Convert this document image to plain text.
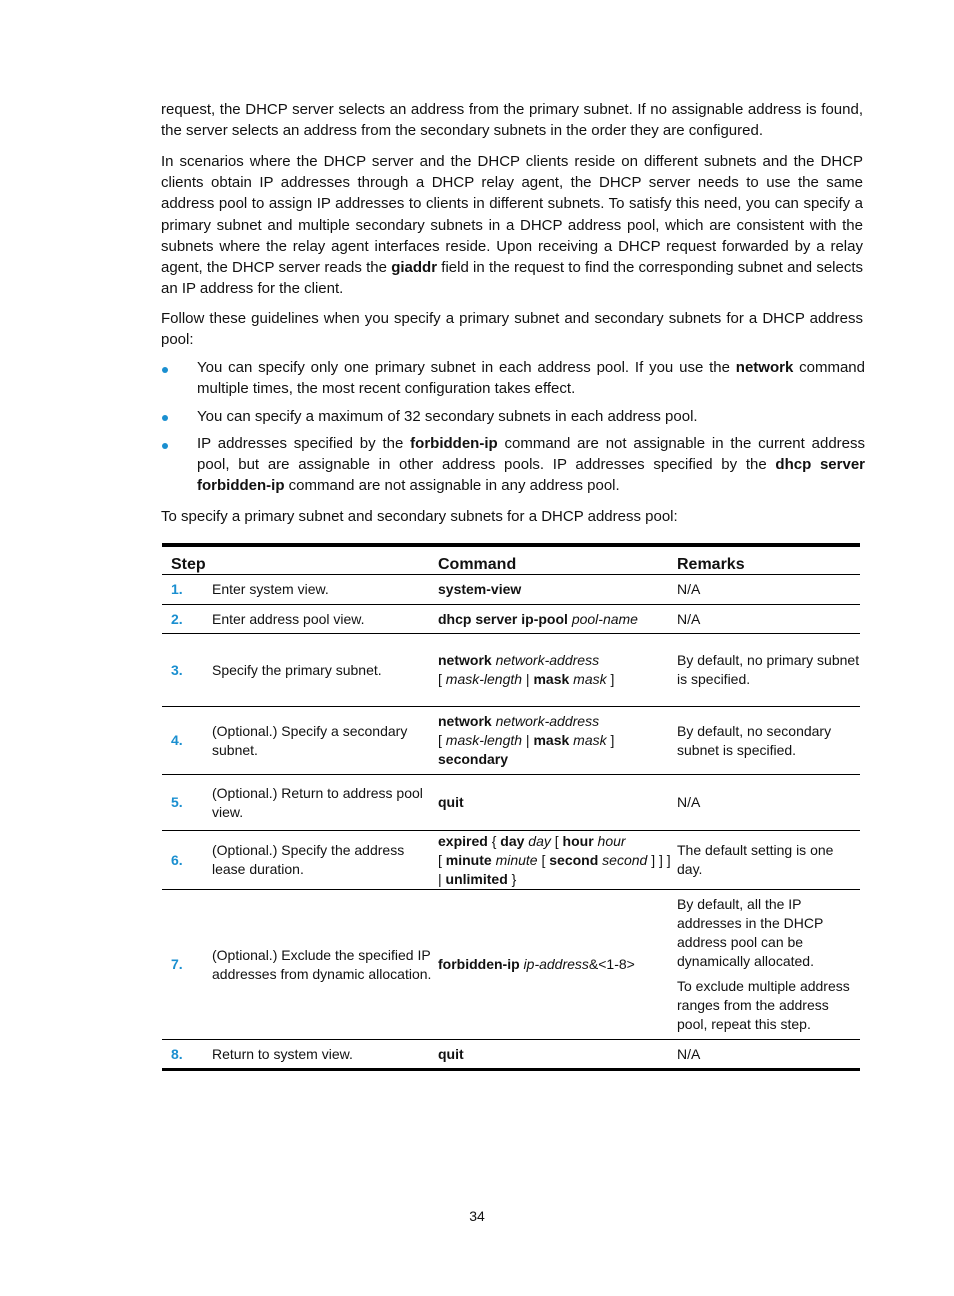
request, the DHCP server selects an address from the primary subnet. If no assignable address is found, the server selects an address from the secondary subnets in the order they are configured.

In scenarios where the DHCP server and the DHCP clients reside on different subnets and the DHCP clients obtain IP addresses through a DHCP relay agent, the DHCP server needs to use the same address pool to assign IP addresses to clients in different subnets. To satisfy this need, you can specify a primary subnet and multiple secondary subnets in a DHCP address pool, which are consistent with the subnets where the relay agent interfaces reside. Upon receiving a DHCP request forwarded by a relay agent, the DHCP server reads the giaddr field in the request to find the corresponding subnet and selects an IP address for the client.

Follow these guidelines when you specify a primary subnet and secondary subnets for a DHCP address pool:

You can specify only one primary subnet in each address pool. If you use the network command multiple times, the most recent configuration takes effect.

You can specify a maximum of 32 secondary subnets in each address pool.

IP addresses specified by the forbidden-ip command are not assignable in the current address pool, but are assignable in other address pools. IP addresses specified by the dhcp server forbidden-ip command are not assignable in any address pool.

To specify a primary subnet and secondary subnets for a DHCP address pool:

Step		Command	Remarks
1.	Enter system view.	system-view	N/A

2.	Enter address pool view.	dhcp server ip-pool pool-name	N/A

3.	Specify the primary subnet.	network network-address
[ mask-length | mask mask ]	By default, no primary subnet is specified.

4.	(Optional.) Specify a secondary subnet.	network network-address
[ mask-length | mask mask ]
secondary	By default, no secondary subnet is specified.

5.	(Optional.) Return to address pool view.	quit	N/A

6.	(Optional.) Specify the address lease duration.	expired { day day [ hour hour
[ minute minute [ second second ] ] ]
| unlimited }	The default setting is one day.

7.	(Optional.) Exclude the specified IP addresses from dynamic allocation.	forbidden-ip ip-address&<1-8>	By default, all the IP addresses in the DHCP address pool can be dynamically allocated.

To exclude multiple address ranges from the address pool, repeat this step.

8.	Return to system view.	quit	N/A

34
